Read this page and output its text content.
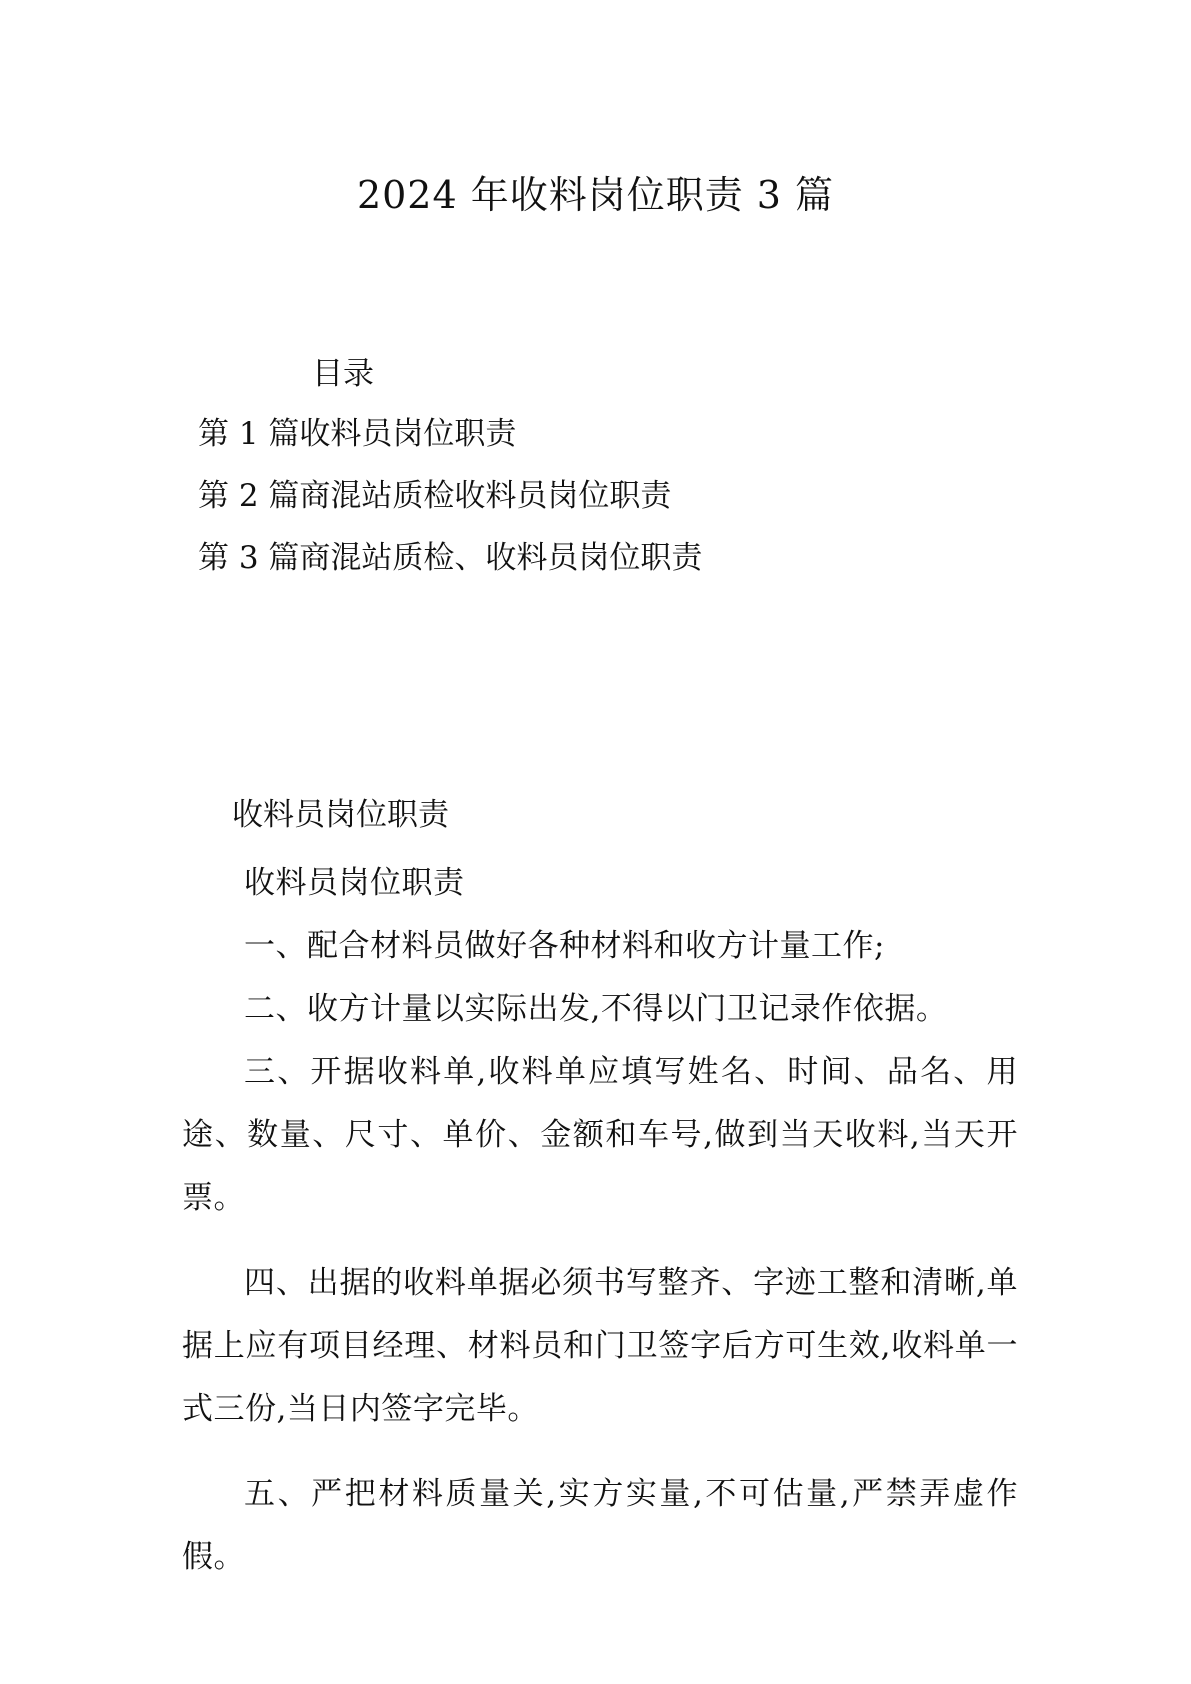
2024 年收料岗位职责 3 篇
目录
第 1 篇收料员岗位职责
第 2 篇商混站质检收料员岗位职责
第 3 篇商混站质检、收料员岗位职责
收料员岗位职责

收料员岗位职责

一、配合材料员做好各种材料和收方计量工作;

二、收方计量以实际出发,不得以门卫记录作依据。

三、开据收料单,收料单应填写姓名、时间、品名、用途、数量、尺寸、单价、金额和车号,做到当天收料,当天开票。

四、出据的收料单据必须书写整齐、字迹工整和清晰,单据上应有项目经理、材料员和门卫签字后方可生效,收料单一式三份,当日内签字完毕。

五、严把材料质量关,实方实量,不可估量,严禁弄虚作假。
